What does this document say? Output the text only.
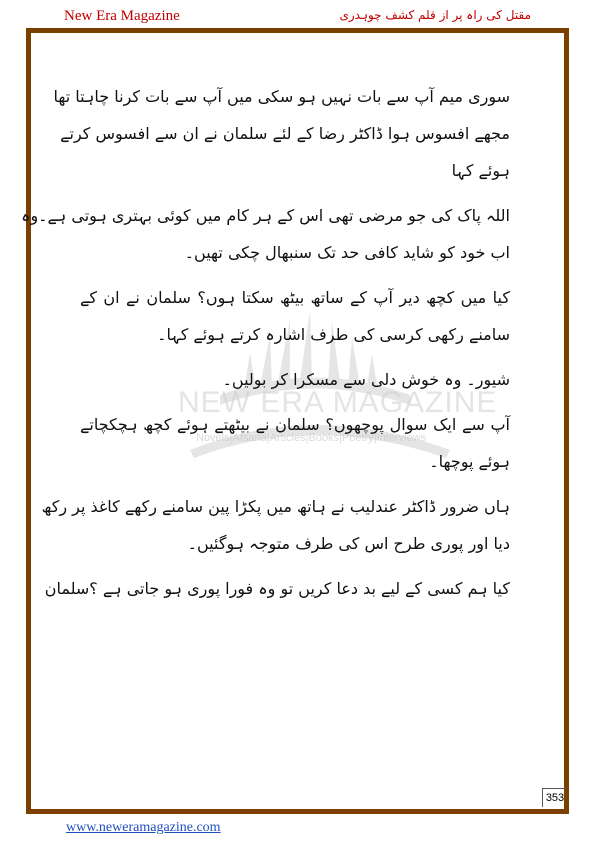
New Era Magazine	مقتل کی راہ پر از قلم کشف چوہدری
NEW ERA MAGAZINE
Novels|Afsana|Articles|Books|Poetry|Interviews
سوری میم آپ سے بات نہیں ہو سکی میں آپ سے بات کرنا چاہتا تھا
مجھے افسوس ہوا ڈاکٹر رضا کے لئے سلمان نے ان سے افسوس کرتے
ہوئے کہا
اللہ پاک کی جو مرضی تھی اس کے ہر کام میں کوئی بہتری ہوتی ہے۔وہ
اب خود کو شاید کافی حد تک سنبھال چکی تھیں۔
کیا میں کچھ دیر آپ کے ساتھ بیٹھ سکتا ہوں؟ سلمان نے ان کے
سامنے رکھی کرسی کی طرف اشارہ کرتے ہوئے کہا۔
شیور۔ وہ خوش دلی سے مسکرا کر بولیں۔
آپ سے ایک سوال پوچھوں؟ سلمان نے بیٹھتے ہوئے کچھ ہچکچاتے
ہوئے پوچھا۔
ہاں ضرور ڈاکٹر عندلیب نے ہاتھ میں پکڑا پین سامنے رکھے کاغذ پر رکھ
دیا اور پوری طرح اس کی طرف متوجہ ہوگئیں۔
کیا ہم کسی کے لیے بد دعا کریں تو وہ فورا پوری ہو جاتی ہے ؟سلمان
353
www.neweramagazine.com
